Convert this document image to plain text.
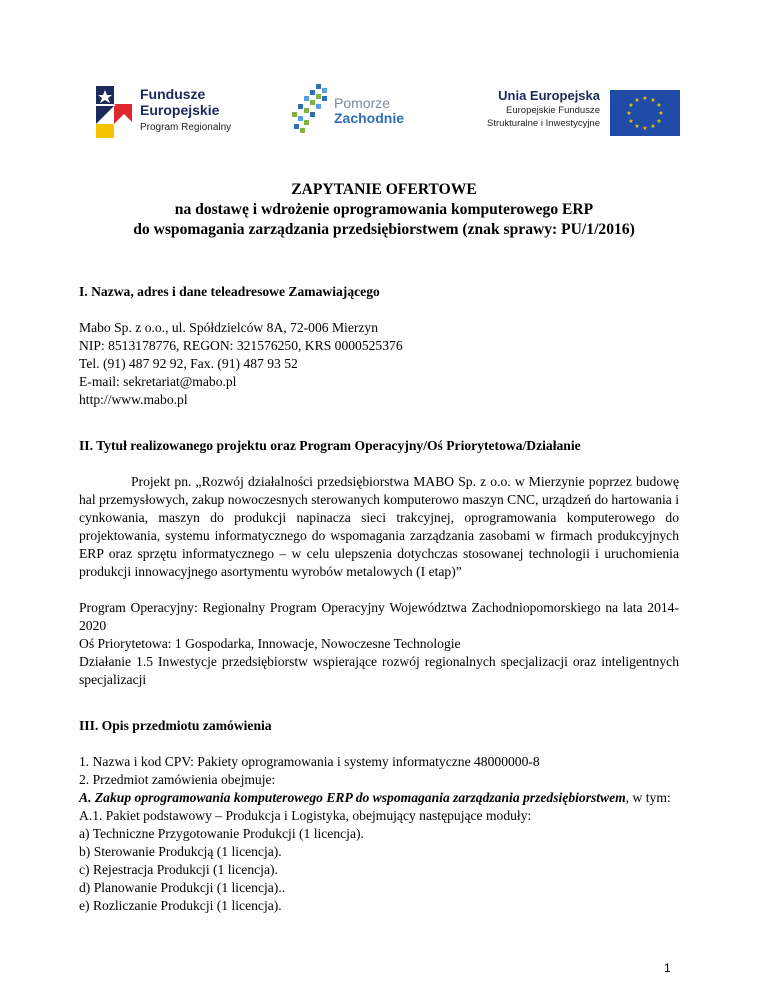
Fundusze
Europejskie
Program Regionalny
Pomorze
Zachodnie
Unia Europejska
Europejskie Fundusze
Strukturalne i Inwestycyjne
★ ★
★
★
★
★
★
★
★
★
★
★
ZAPYTANIE OFERTOWE
na dostawę i wdrożenie oprogramowania komputerowego ERP
do wspomagania zarządzania przedsiębiorstwem (znak sprawy: PU/1/2016)

I. Nazwa, adres i dane teleadresowe Zamawiającego

Mabo Sp. z o.o., ul. Spółdzielców 8A, 72-006 Mierzyn
NIP: 8513178776, REGON: 321576250, KRS 0000525376
Tel. (91) 487 92 92, Fax. (91) 487 93 52
E-mail: sekretariat@mabo.pl
http://www.mabo.pl

II. Tytuł realizowanego projektu oraz Program Operacyjny/Oś Priorytetowa/Działanie

Projekt pn. „Rozwój działalności przedsiębiorstwa MABO Sp. z o.o. w Mierzynie poprzez budowę hal przemysłowych, zakup nowoczesnych sterowanych komputerowo maszyn CNC, urządzeń do hartowania i cynkowania, maszyn do produkcji napinacza sieci trakcyjnej, oprogramowania komputerowego do projektowania, systemu informatycznego do wspomagania zarządzania zasobami w firmach produkcyjnych ERP oraz sprzętu informatycznego – w celu ulepszenia dotychczas stosowanej technologii i uruchomienia produkcji innowacyjnego asortymentu wyrobów metalowych (I etap)”

Program Operacyjny: Regionalny Program Operacyjny Województwa Zachodniopomorskiego na lata 2014-2020

Oś Priorytetowa: 1 Gospodarka, Innowacje, Nowoczesne Technologie

Działanie 1.5 Inwestycje przedsiębiorstw wspierające rozwój regionalnych specjalizacji oraz inteligentnych specjalizacji

III. Opis przedmiotu zamówienia

1. Nazwa i kod CPV: Pakiety oprogramowania i systemy informatyczne 48000000-8

2. Przedmiot zamówienia obejmuje:

A. Zakup oprogramowania komputerowego ERP do wspomagania zarządzania przedsiębiorstwem, w tym:

A.1. Pakiet podstawowy – Produkcja i Logistyka, obejmujący następujące moduły:

a) Techniczne Przygotowanie Produkcji (1 licencja).

b) Sterowanie Produkcją (1 licencja).

c) Rejestracja Produkcji (1 licencja).

d) Planowanie Produkcji (1 licencja)..

e) Rozliczanie Produkcji (1 licencja).

1
